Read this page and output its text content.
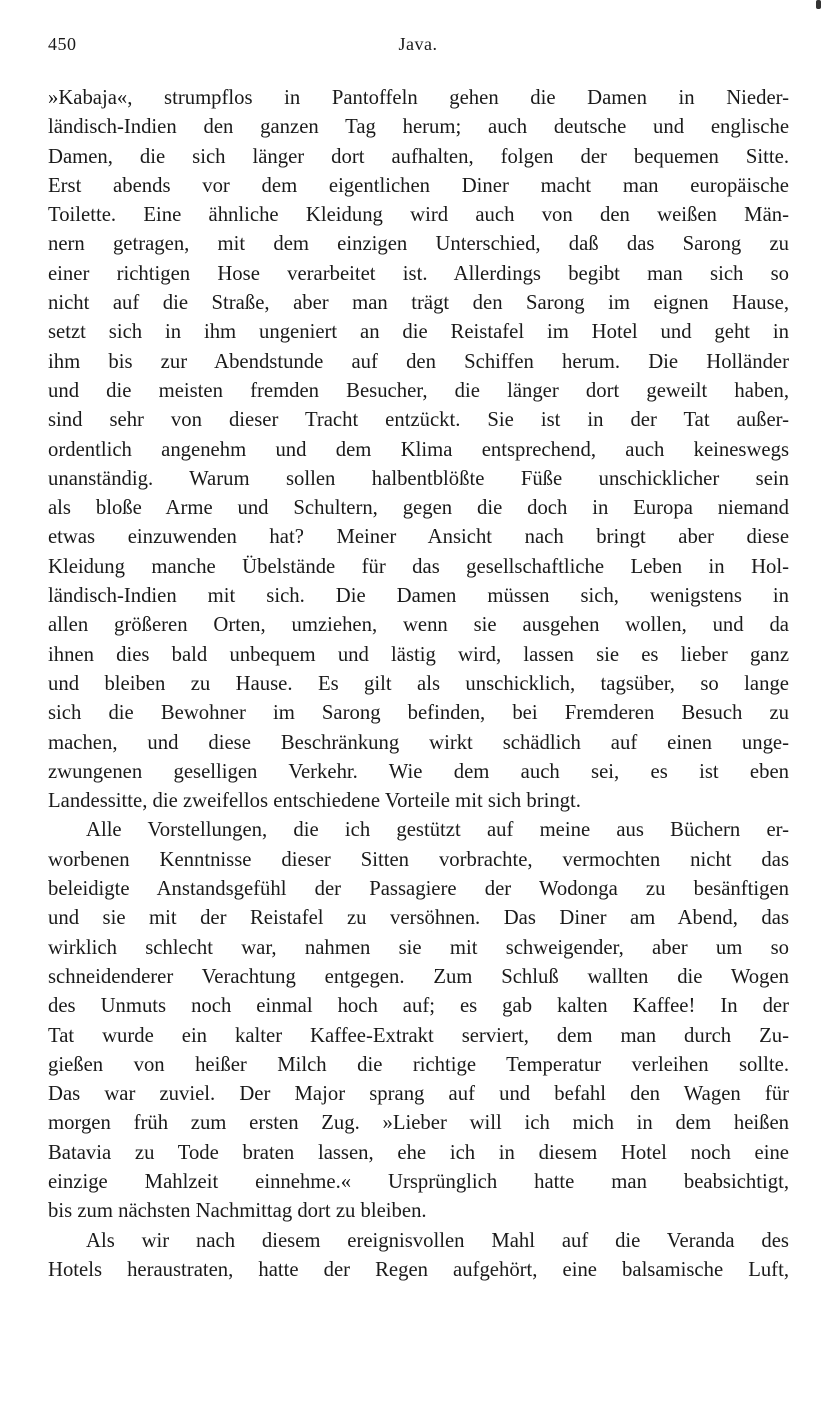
450	Java.
»Kabaja«, strumpflos in Pantoffeln gehen die Damen in Nieder-
ländisch-Indien den ganzen Tag herum; auch deutsche und englische
Damen, die sich länger dort aufhalten, folgen der bequemen Sitte.
Erst abends vor dem eigentlichen Diner macht man europäische
Toilette. Eine ähnliche Kleidung wird auch von den weißen Män-
nern getragen, mit dem einzigen Unterschied, daß das Sarong zu
einer richtigen Hose verarbeitet ist. Allerdings begibt man sich so
nicht auf die Straße, aber man trägt den Sarong im eignen Hause,
setzt sich in ihm ungeniert an die Reistafel im Hotel und geht in
ihm bis zur Abendstunde auf den Schiffen herum. Die Holländer
und die meisten fremden Besucher, die länger dort geweilt haben,
sind sehr von dieser Tracht entzückt. Sie ist in der Tat außer-
ordentlich angenehm und dem Klima entsprechend, auch keineswegs
unanständig. Warum sollen halbentblößte Füße unschicklicher sein
als bloße Arme und Schultern, gegen die doch in Europa niemand
etwas einzuwenden hat? Meiner Ansicht nach bringt aber diese
Kleidung manche Übelstände für das gesellschaftliche Leben in Hol-
ländisch-Indien mit sich. Die Damen müssen sich, wenigstens in
allen größeren Orten, umziehen, wenn sie ausgehen wollen, und da
ihnen dies bald unbequem und lästig wird, lassen sie es lieber ganz
und bleiben zu Hause. Es gilt als unschicklich, tagsüber, so lange
sich die Bewohner im Sarong befinden, bei Fremderen Besuch zu
machen, und diese Beschränkung wirkt schädlich auf einen unge-
zwungenen geselligen Verkehr. Wie dem auch sei, es ist eben
Landessitte, die zweifellos entschiedene Vorteile mit sich bringt.
Alle Vorstellungen, die ich gestützt auf meine aus Büchern er-
worbenen Kenntnisse dieser Sitten vorbrachte, vermochten nicht das
beleidigte Anstandsgefühl der Passagiere der Wodonga zu besänftigen
und sie mit der Reistafel zu versöhnen. Das Diner am Abend, das
wirklich schlecht war, nahmen sie mit schweigender, aber um so
schneidenderer Verachtung entgegen. Zum Schluß wallten die Wogen
des Unmuts noch einmal hoch auf; es gab kalten Kaffee! In der
Tat wurde ein kalter Kaffee-Extrakt serviert, dem man durch Zu-
gießen von heißer Milch die richtige Temperatur verleihen sollte.
Das war zuviel. Der Major sprang auf und befahl den Wagen für
morgen früh zum ersten Zug. »Lieber will ich mich in dem heißen
Batavia zu Tode braten lassen, ehe ich in diesem Hotel noch eine
einzige Mahlzeit einnehme.« Ursprünglich hatte man beabsichtigt,
bis zum nächsten Nachmittag dort zu bleiben.
Als wir nach diesem ereignisvollen Mahl auf die Veranda des
Hotels heraustraten, hatte der Regen aufgehört, eine balsamische Luft,
